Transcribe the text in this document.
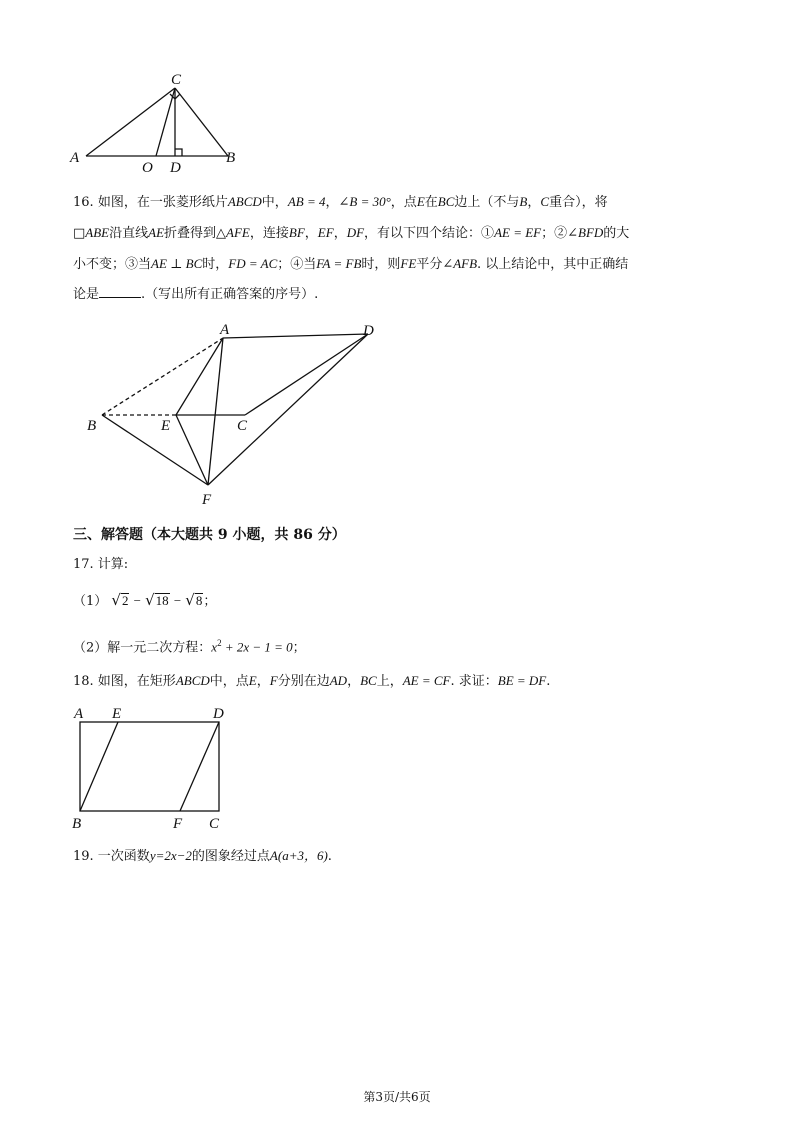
C
A
O D
B
16. 如图，在一张菱形纸片ABCD中，AB = 4，∠B = 30°，点E在BC边上（不与B，C重合），将
□ABE沿直线AE折叠得到△AFE，连接BF，EF，DF，有以下四个结论：①AE = EF；②∠BFD的大
小不变；③当AE ⊥ BC时，FD = AC；④当FA = FB时，则FE平分∠AFB. 以上结论中，其中正确结
论是	.（写出所有正确答案的序号）.
A	D
B	E	C
F
三、解答题（本大题共 9 小题，共 86 分）
17. 计算:
（1） √2 − √18 − √8；
（2）解一元二次方程：$x^2 + 2x - 1 = 0$；
18. 如图，在矩形ABCD中，点E，F分别在边AD，BC上，AE = CF. 求证：BE = DF.
A E	D
B	F C
19. 一次函数y=2x−2的图象经过点A(a+3，6).
第3页/共6页
